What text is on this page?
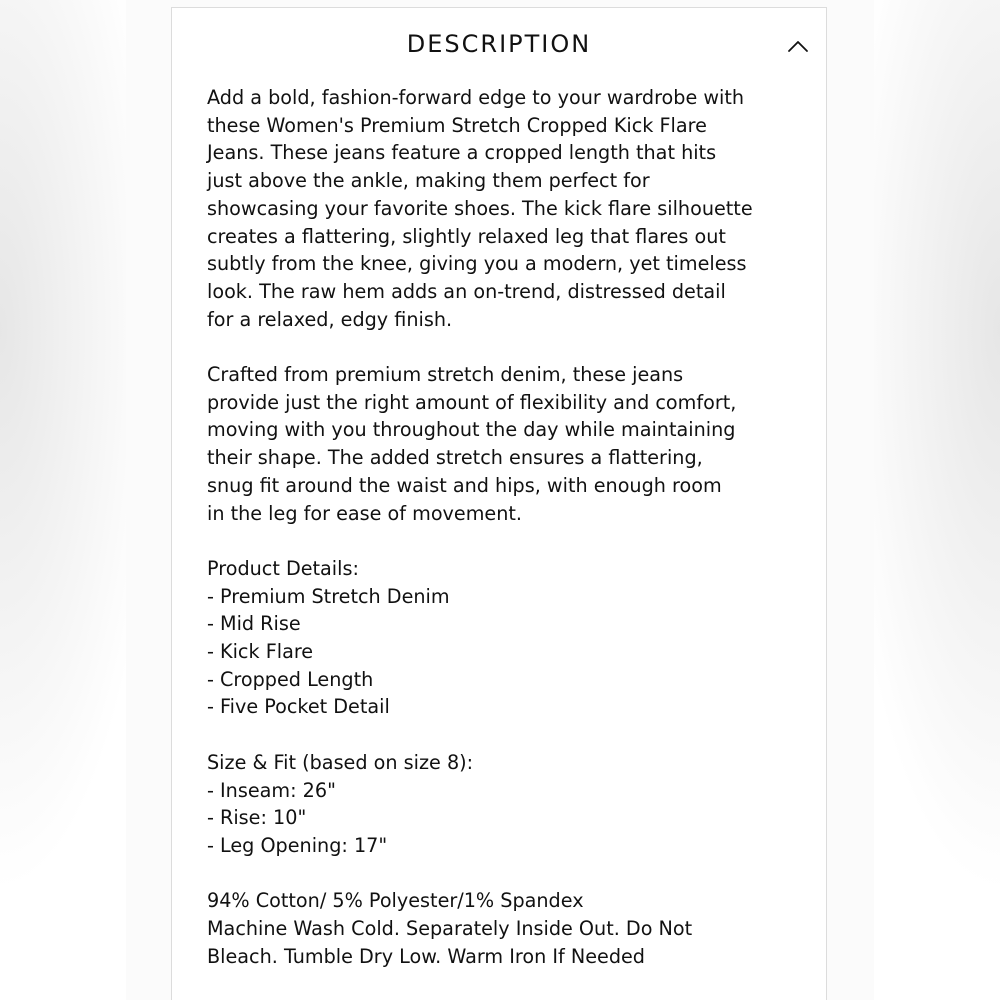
DESCRIPTION

Add a bold, fashion-forward edge to your wardrobe with
these Women's Premium Stretch Cropped Kick Flare
Jeans. These jeans feature a cropped length that hits
just above the ankle, making them perfect for
showcasing your favorite shoes. The kick flare silhouette
creates a flattering, slightly relaxed leg that flares out
subtly from the knee, giving you a modern, yet timeless
look. The raw hem adds an on-trend, distressed detail
for a relaxed, edgy finish.

Crafted from premium stretch denim, these jeans
provide just the right amount of flexibility and comfort,
moving with you throughout the day while maintaining
their shape. The added stretch ensures a flattering,
snug fit around the waist and hips, with enough room
in the leg for ease of movement.

Product Details:
- Premium Stretch Denim
- Mid Rise
- Kick Flare
- Cropped Length
- Five Pocket Detail

Size & Fit (based on size 8):
- Inseam: 26"
- Rise: 10"
- Leg Opening: 17"

94% Cotton/ 5% Polyester/1% Spandex
Machine Wash Cold. Separately Inside Out. Do Not
Bleach. Tumble Dry Low. Warm Iron If Needed
